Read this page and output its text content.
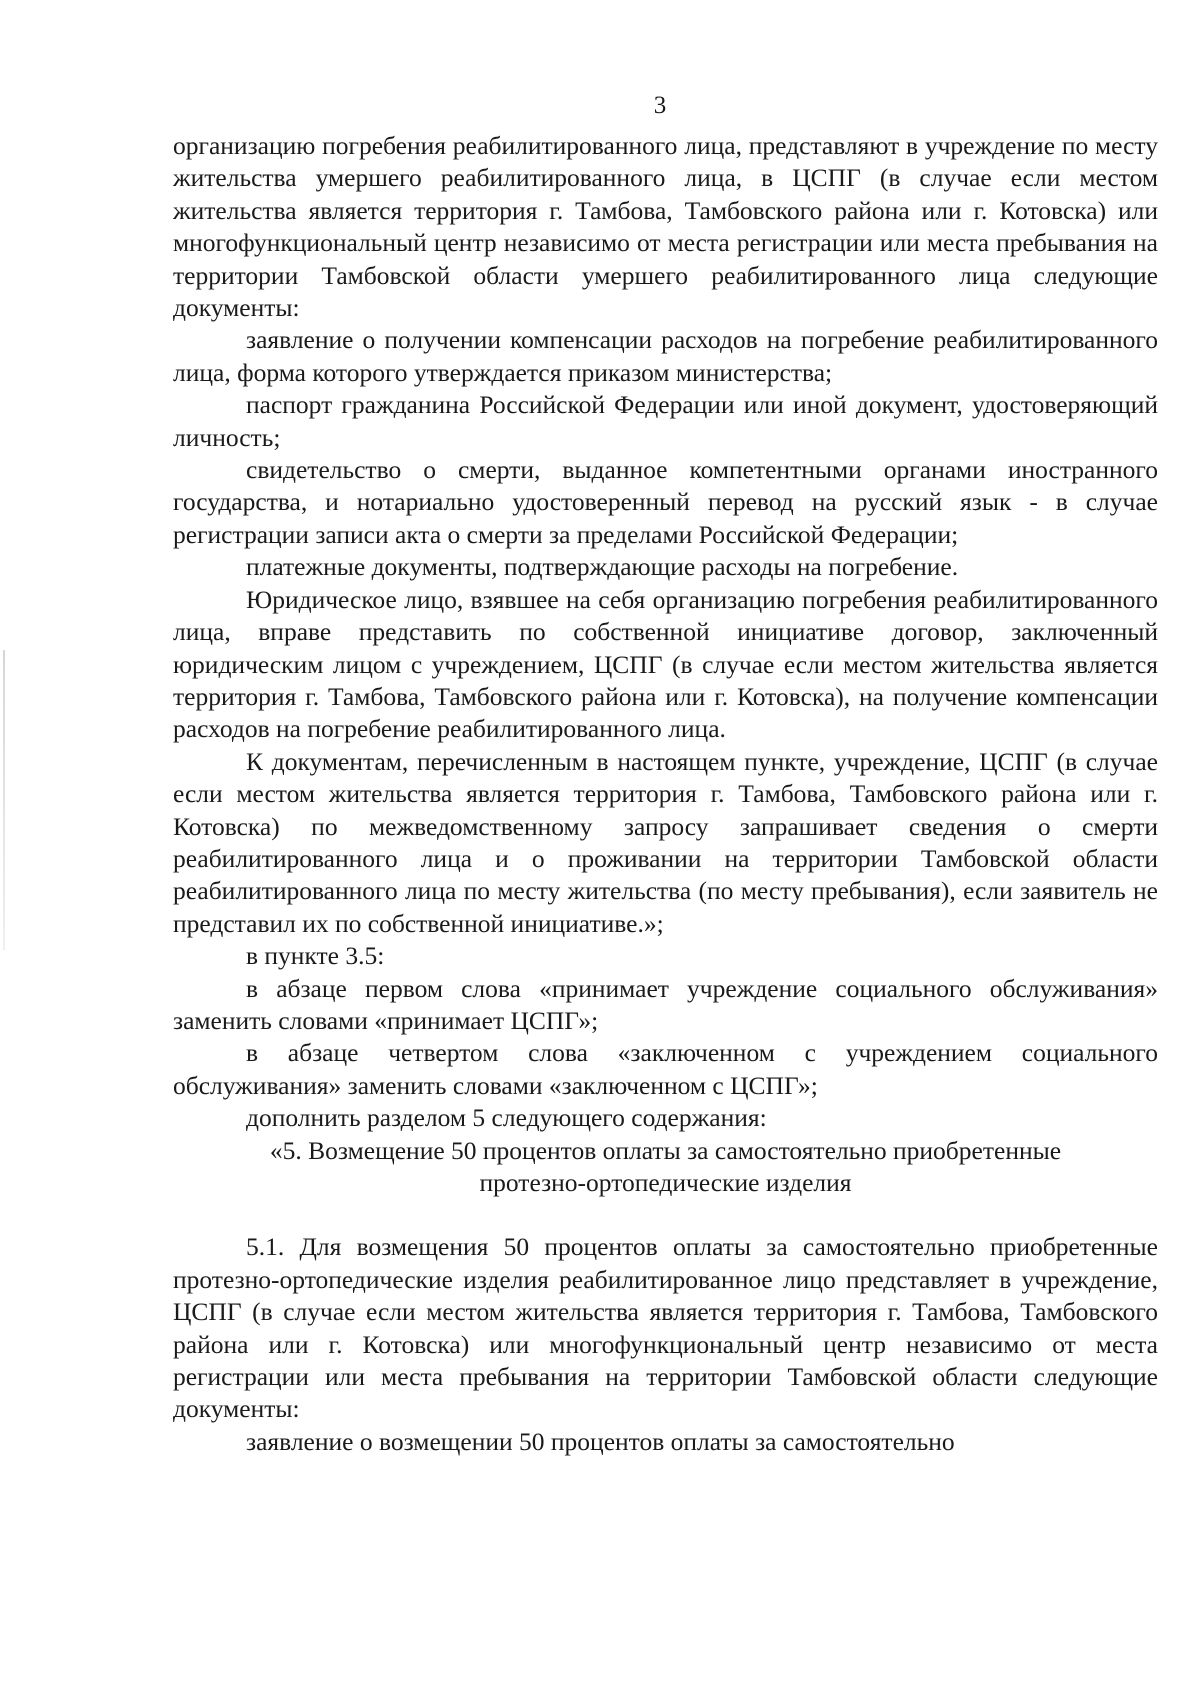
3

организацию погребения реабилитированного лица, представляют в учреждение по месту жительства умершего реабилитированного лица, в ЦСПГ (в случае если местом жительства является территория г. Тамбова, Тамбовского района или г. Котовска) или многофункциональный центр независимо от места регистрации или места пребывания на территории Тамбовской области умершего реабилитированного лица следующие документы:

заявление о получении компенсации расходов на погребение реабилитированного лица, форма которого утверждается приказом министерства;

паспорт гражданина Российской Федерации или иной документ, удостоверяющий личность;

свидетельство о смерти, выданное компетентными органами иностранного государства, и нотариально удостоверенный перевод на русский язык - в случае регистрации записи акта о смерти за пределами Российской Федерации;

платежные документы, подтверждающие расходы на погребение.

Юридическое лицо, взявшее на себя организацию погребения реабилитированного лица, вправе представить по собственной инициативе договор, заключенный юридическим лицом с учреждением, ЦСПГ (в случае если местом жительства является территория г. Тамбова, Тамбовского района или г. Котовска), на получение компенсации расходов на погребение реабилитированного лица.

К документам, перечисленным в настоящем пункте, учреждение, ЦСПГ (в случае если местом жительства является территория г. Тамбова, Тамбовского района или г. Котовска) по межведомственному запросу запрашивает сведения о смерти реабилитированного лица и о проживании на территории Тамбовской области реабилитированного лица по месту жительства (по месту пребывания), если заявитель не представил их по собственной инициативе.»;

в пункте 3.5:

в абзаце первом слова «принимает учреждение социального обслуживания» заменить словами «принимает ЦСПГ»;

в абзаце четвертом слова «заключенном с учреждением социального обслуживания» заменить словами «заключенном с ЦСПГ»;

дополнить разделом 5 следующего содержания:

«5. Возмещение 50 процентов оплаты за самостоятельно приобретенные
протезно-ортопедические изделия

5.1. Для возмещения 50 процентов оплаты за самостоятельно приобретенные протезно-ортопедические изделия реабилитированное лицо представляет в учреждение, ЦСПГ (в случае если местом жительства является территория г. Тамбова, Тамбовского района или г. Котовска) или многофункциональный центр независимо от места регистрации или места пребывания на территории Тамбовской области следующие документы:

заявление о возмещении 50 процентов оплаты за самостоятельно
